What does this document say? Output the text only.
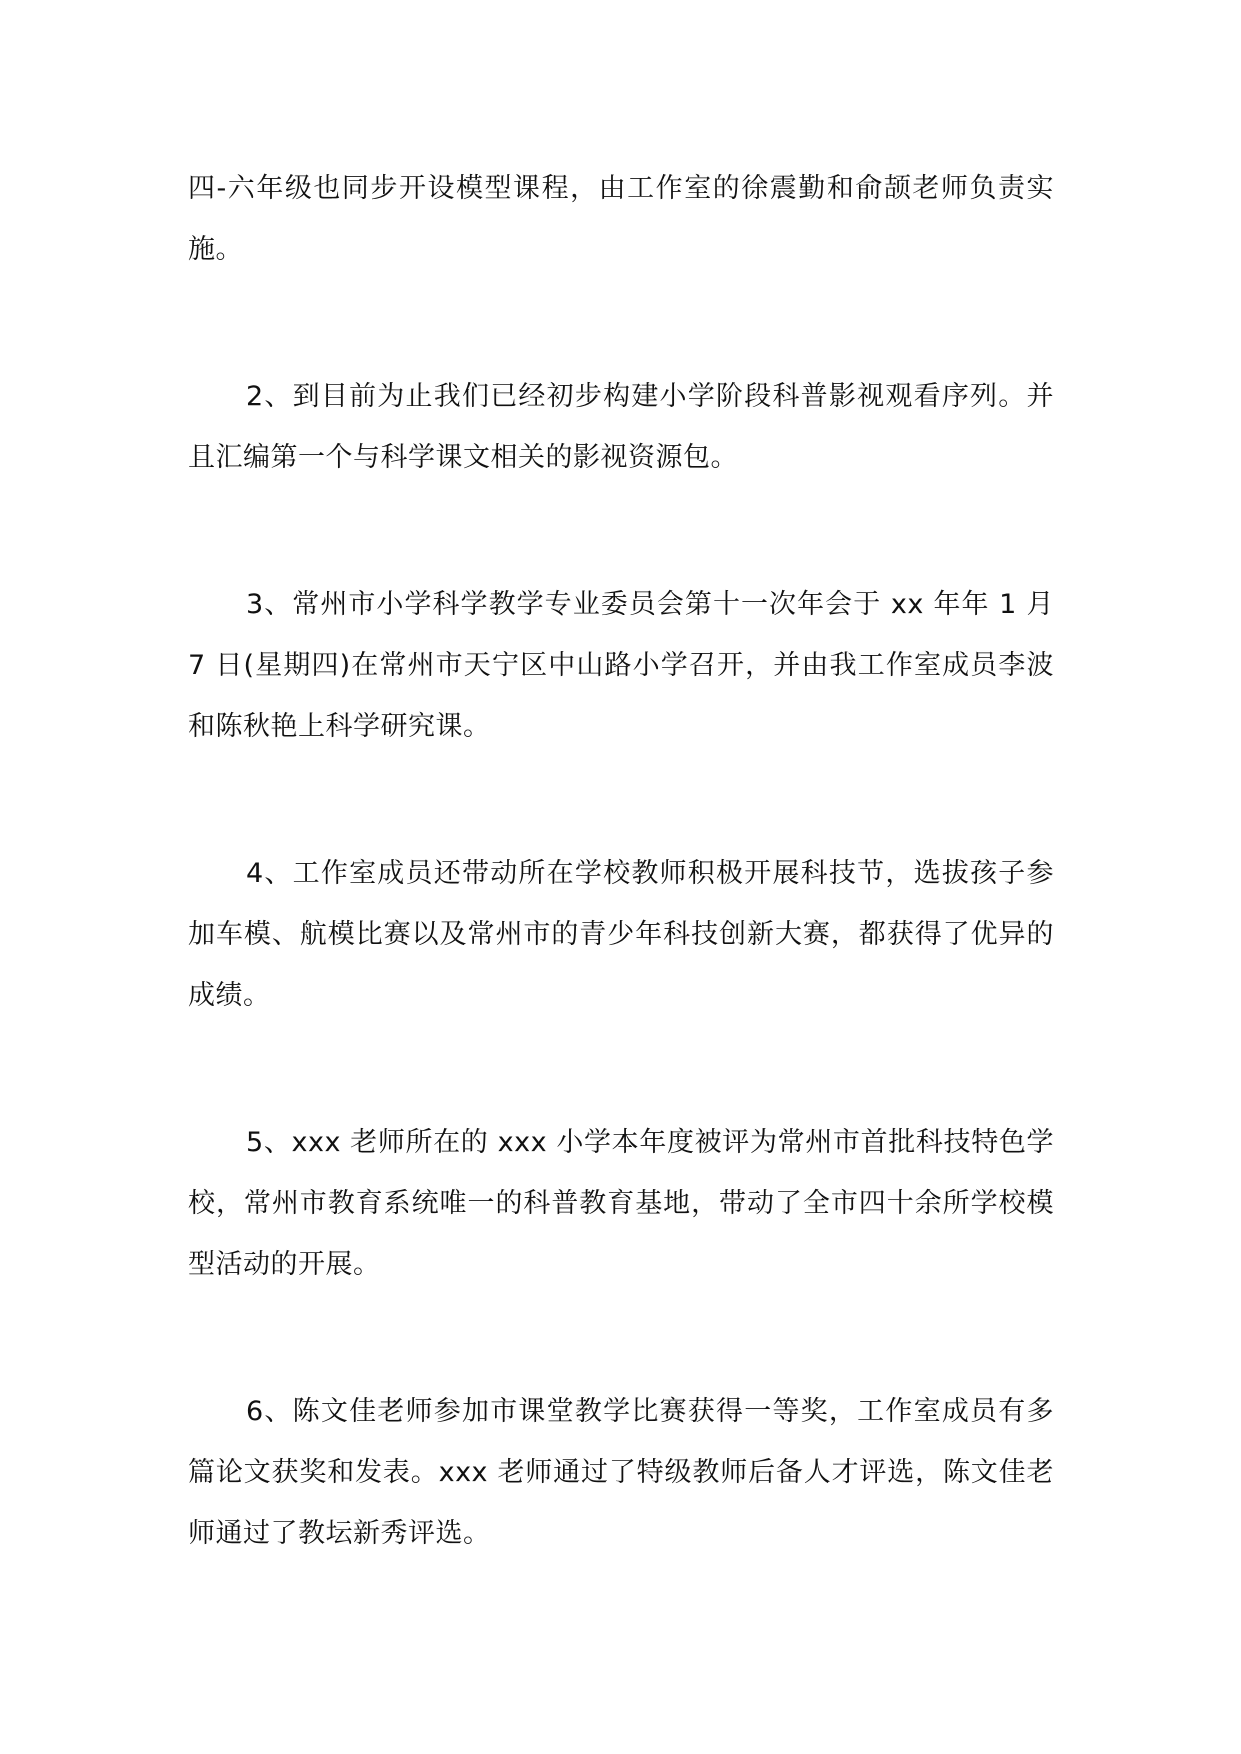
四-六年级也同步开设模型课程，由工作室的徐震勤和俞颉老师负责实施。

2、到目前为止我们已经初步构建小学阶段科普影视观看序列。并且汇编第一个与科学课文相关的影视资源包。

3、常州市小学科学教学专业委员会第十一次年会于 xx 年年 1 月 7 日(星期四)在常州市天宁区中山路小学召开，并由我工作室成员李波和陈秋艳上科学研究课。

4、工作室成员还带动所在学校教师积极开展科技节，选拔孩子参加车模、航模比赛以及常州市的青少年科技创新大赛，都获得了优异的成绩。

5、xxx 老师所在的 xxx 小学本年度被评为常州市首批科技特色学校，常州市教育系统唯一的科普教育基地，带动了全市四十余所学校模型活动的开展。

6、陈文佳老师参加市课堂教学比赛获得一等奖，工作室成员有多篇论文获奖和发表。xxx 老师通过了特级教师后备人才评选，陈文佳老师通过了教坛新秀评选。
